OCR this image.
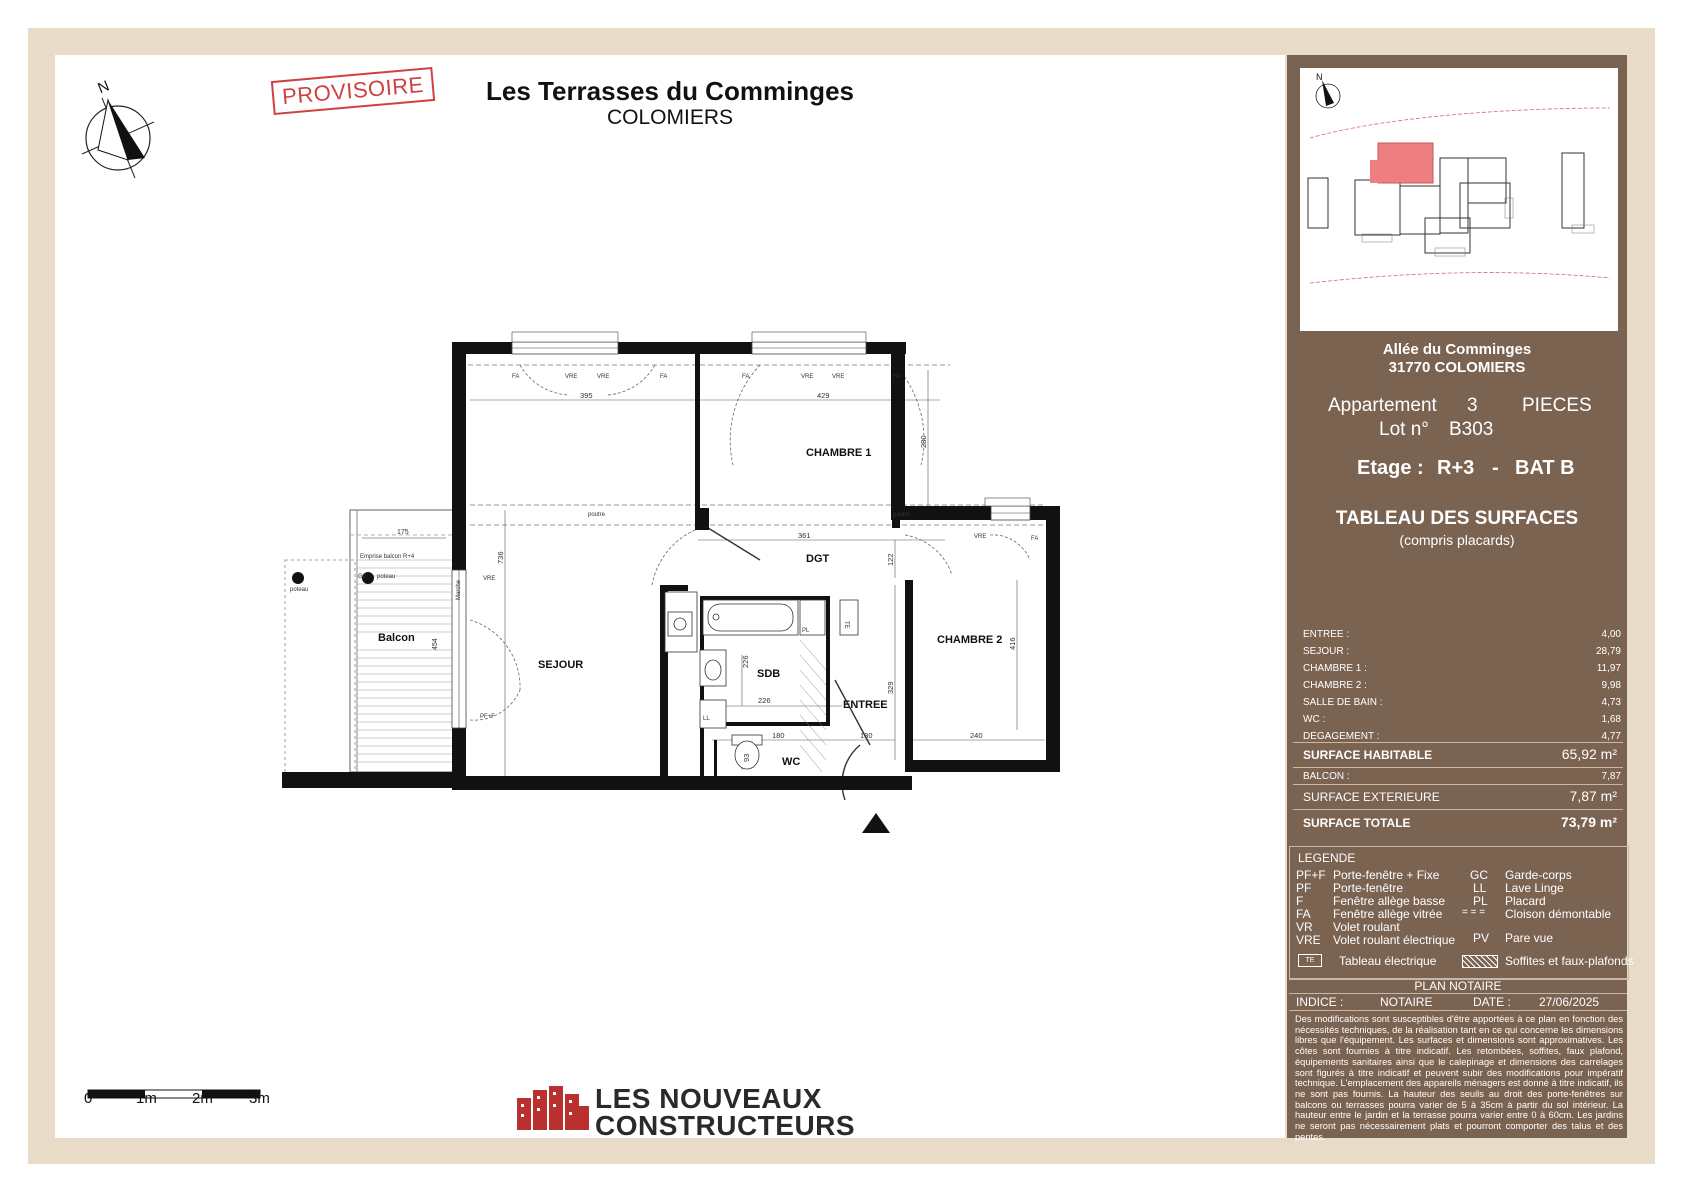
PROVISOIRE	Les Terrasses du Comminges
COLOMIERS
N
poteau
poteau
Emprise balcon R+4
GC
Balcon
175
454
SEJOUR
CHAMBRE 1
CHAMBRE 2
DGT
SDB
ENTREE
WC
395	429
280
361
122
736
416
329
226
226
180	130	240
93
FA	VRE	VRE	FA	FA	VRE	VRE	FA
VRE	FA
VRE
PF+F
poutre	poutre
Marche
LL
TE
PL
0	1m 2m 3m	LES NOUVEAUX
CONSTRUCTEURS
N
Allée du Comminges
31770 COLOMIERS
Appartement 3 PIECES
Lot n° B303
Etage : R+3 - BAT B
TABLEAU DES SURFACES
(compris placards)
ENTREE :	4,00
SEJOUR :	28,79
CHAMBRE 1 :	11,97
CHAMBRE 2 :	9,98
SALLE DE BAIN :	4,73
WC :	1,68
DEGAGEMENT :	4,77
SURFACE HABITABLE	65,92 m²
BALCON :	7,87
SURFACE EXTERIEURE	7,87 m²
SURFACE TOTALE	73,79 m²
LEGENDE
PF+F Porte-fenêtre + Fixe
PF Porte-fenêtre
F Fenêtre allège basse
FA Fenêtre allège vitrée
VR Volet roulant
VRE Volet roulant électrique
GC Garde-corps
LL Lave Linge
PL Placard
= = = Cloison démontable
PV Pare vue
TE	Tableau électrique	Soffites et faux-plafonds
PLAN NOTAIRE
INDICE :	NOTAIRE	DATE : 27/06/2025
Des modifications sont susceptibles d'être apportées à ce plan en fonction des nécessités techniques, de la réalisation tant en ce qui concerne les dimensions libres que l'équipement. Les surfaces et dimensions sont approximatives. Les côtes sont fournies à titre indicatif. Les retombées, soffites, faux plafond, équipements sanitaires ainsi que le calepinage et dimensions des carrelages sont figurés à titre indicatif et peuvent subir des modifications pour impératif technique. L'emplacement des appareils ménagers est donné à titre indicatif, ils ne sont pas fournis. La hauteur des seuils au droit des porte-fenêtres sur balcons ou terrasses pourra varier de 5 à 35cm à partir du sol intérieur. La hauteur entre le jardin et la terrasse pourra varier entre 0 à 60cm. Les jardins ne seront pas nécessairement plats et pourront comporter des talus et des pentes.
